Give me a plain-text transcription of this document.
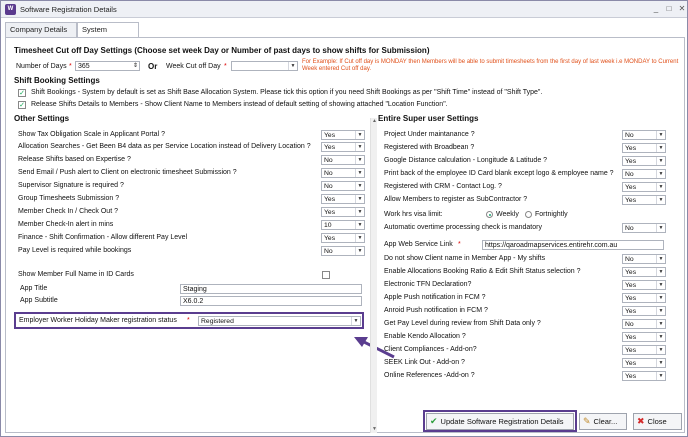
W Software Registration Details	_	□ ✕
Company Details	System
Timesheet Cut off Day Settings (Choose set week Day or Number of past days to show shifts for Submission)
Number of Days * 365	⇕ Or Week Cut off Day *	▼
For Example: If Cut off day is MONDAY then Members will be able to submit timesheets from the first day of last week i.e MONDAY to Current Week entered Cut off day.
Shift Booking Settings
✓ Shift Bookings - System by default is set as Shift Base Allocation System. Please tick this option if you need Shift Bookings as per "Shift Time" instead of "Shift Type".
✓ Release Shifts Details to Members - Show Client Name to Members instead of default setting of showing attached "Location Function".
Other Settings
Show Tax Obligation Scale in Applicant Portal ?	Yes	▼
Allocation Searches - Get Been B4 data as per Service Location instead of Delivery Location ?	Yes	▼
Release Shifts based on Expertise ?	No	▼
Send Email / Push alert to Client on electronic timesheet Submission ?	No	▼
Supervisor Signature is required ?	No	▼
Group Timesheets Submission ?	Yes	▼
Member Check In / Check Out ?	Yes	▼
Member Check-In alert in mins	10	▼
Finance - Shift Confirmation - Allow different Pay Level	Yes	▼
Pay Level is required while bookings	No	▼
Show Member Full Name in ID Cards
App Title	Staging
App Subtitle	X6.0.2
Employer Worker Holiday Maker registration status *	Registered	▼
▲
▼
Entire Super user Settings
Project Under maintanance ?	No	▼
Registered with Broadbean ?	Yes	▼
Google Distance calculation - Longitude & Latitude ?	Yes	▼
Print back of the employee ID Card blank except logo & employee name ?	No	▼
Registered with CRM - Contact Log. ?	Yes	▼
Allow Members to register as SubContractor ?	Yes	▼
Work hrs visa limit:	Weekly Fortnightly
Automatic overtime processing check is mandatory	No	▼
App Web Service Link *	https://qaroadmapservices.entirehr.com.au
Do not show Client name in Member App - My shifts	No	▼
Enable Allocations Booking Ratio & Edit Shift Status selection ?	Yes	▼
Electronic TFN Declaration?	Yes	▼
Apple Push notification in FCM ?	Yes	▼
Anroid Push notification in FCM ?	Yes	▼
Get Pay Level during review from Shift Data only ?	No	▼
Enable Kendo Allocation ?	Yes	▼
Client Compliances - Add-on?	Yes	▼
SEEK Link Out - Add-on ?	Yes	▼
Online References -Add-on ?	Yes	▼
✔ Update Software Registration Details	✎ Clear...	✖ Close
